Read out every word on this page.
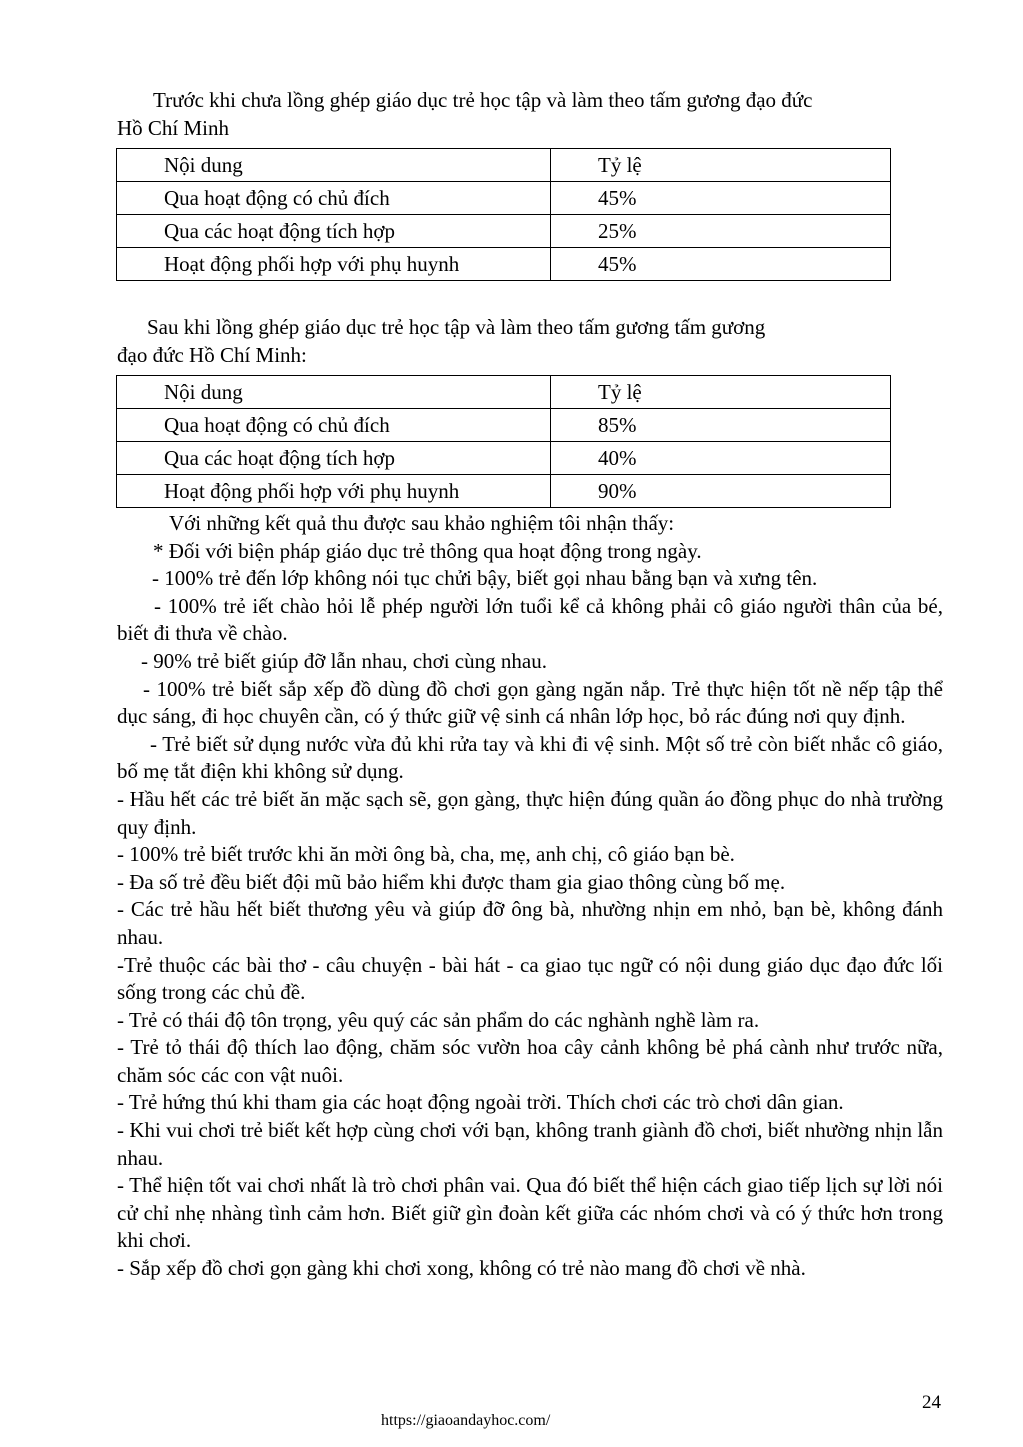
Trước khi chưa lồng ghép giáo dục trẻ học tập và làm theo tấm gương đạo đức
Hồ Chí Minh

Nội dung	Tỷ lệ
Qua hoạt động có chủ đích	45%
Qua các hoạt động tích hợp	25%
Hoạt động phối hợp với phụ huynh	45%

Sau khi lồng ghép giáo dục trẻ học tập và làm theo tấm gương tấm gương
đạo đức Hồ Chí Minh:

Nội dung	Tỷ lệ
Qua hoạt động có chủ đích	85%
Qua các hoạt động tích hợp	40%
Hoạt động phối hợp với phụ huynh	90%
Với những kết quả thu được sau khảo nghiệm tôi nhận thấy:
* Đối với biện pháp giáo dục trẻ thông qua hoạt động trong ngày.
- 100% trẻ đến lớp không nói tục chửi bậy, biết gọi nhau bằng bạn và xưng tên.
- 100% trẻ iết chào hỏi lễ phép người lớn tuổi kể cả không phải cô giáo người thân của bé, biết đi thưa về chào.
- 90% trẻ biết giúp đỡ lẫn nhau, chơi cùng nhau.
- 100% trẻ biết sắp xếp đồ dùng đồ chơi gọn gàng ngăn nắp. Trẻ thực hiện tốt nề nếp tập thể dục sáng, đi học chuyên cần, có ý thức giữ vệ sinh cá nhân lớp học, bỏ rác đúng nơi quy định.
- Trẻ biết sử dụng nước vừa đủ khi rửa tay và khi đi vệ sinh. Một số trẻ còn biết nhắc cô giáo, bố mẹ tắt điện khi không sử dụng.
- Hầu hết các trẻ biết ăn mặc sạch sẽ, gọn gàng, thực hiện đúng quần áo đồng phục do nhà trường quy định.
- 100% trẻ biết trước khi ăn mời ông bà, cha, mẹ, anh chị, cô giáo bạn bè.
- Đa số trẻ đều biết đội mũ bảo hiểm khi được tham gia giao thông cùng bố mẹ.
- Các trẻ hầu hết biết thương yêu và giúp đỡ ông bà, nhường nhịn em nhỏ, bạn bè, không đánh nhau.
-Trẻ thuộc các bài thơ - câu chuyện - bài hát - ca giao tục ngữ có nội dung giáo dục đạo đức lối sống trong các chủ đề.
- Trẻ có thái độ tôn trọng, yêu quý các sản phẩm do các nghành nghề làm ra.
- Trẻ tỏ thái độ thích lao động, chăm sóc vườn hoa cây cảnh không bẻ phá cành như trước nữa, chăm sóc các con vật nuôi.
- Trẻ hứng thú khi tham gia các hoạt động ngoài trời. Thích chơi các trò chơi dân gian.
- Khi vui chơi trẻ biết kết hợp cùng chơi với bạn, không tranh giành đồ chơi, biết nhường nhịn lẫn nhau.
- Thể hiện tốt vai chơi nhất là trò chơi phân vai. Qua đó biết thể hiện cách giao tiếp lịch sự lời nói cử chỉ nhẹ nhàng tình cảm hơn. Biết giữ gìn đoàn kết giữa các nhóm chơi và có ý thức hơn trong khi chơi.
- Sắp xếp đồ chơi gọn gàng khi chơi xong, không có trẻ nào mang đồ chơi về nhà.
24
https://giaoandayhoc.com/
